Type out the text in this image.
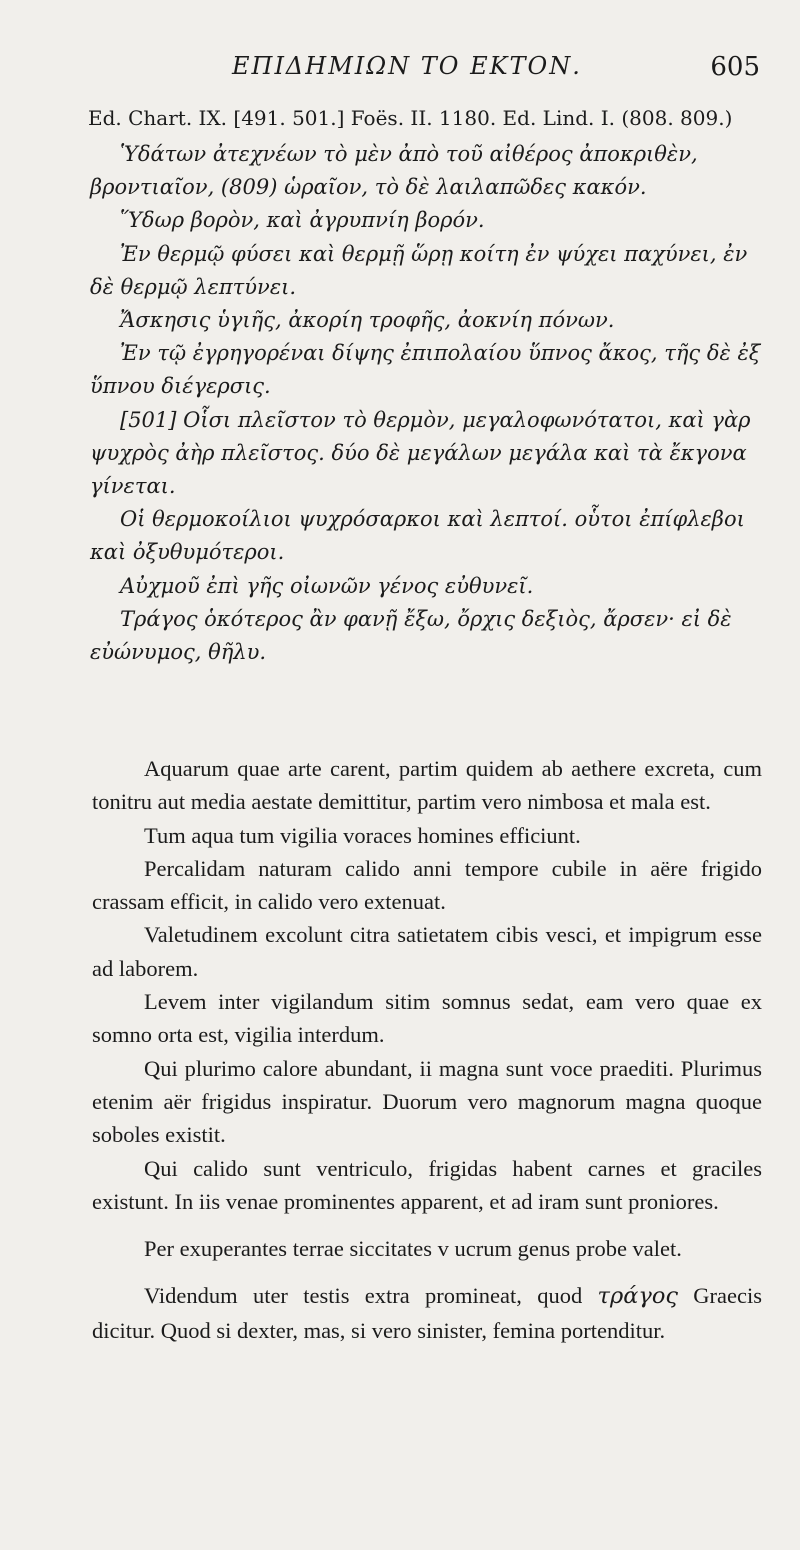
ΕΠΙΔΗΜΙΩΝ ΤΟ ΕΚΤΟΝ.	605
Ed. Chart. IX. [491. 501.] Foës. II. 1180. Ed. Lind. I. (808. 809.)

Ὑδάτων ἀτεχνέων τὸ μὲν ἀπὸ τοῦ αἰθέρος ἀποκριθὲν, βροντιαῖον, (809) ὡραῖον, τὸ δὲ λαιλαπῶδες κακόν.

Ὕδωρ βορὸν, καὶ ἀγρυπνίη βορόν.

Ἐν θερμῷ φύσει καὶ θερμῇ ὥρῃ κοίτη ἐν ψύχει παχύνει, ἐν δὲ θερμῷ λεπτύνει.

Ἄσκησις ὑγιῆς, ἀκορίη τροφῆς, ἀοκνίη πόνων.

Ἐν τῷ ἐγρηγορέναι δίψης ἐπιπολαίου ὕπνος ἄκος, τῆς δὲ ἐξ ὕπνου διέγερσις.

[501] Οἷσι πλεῖστον τὸ θερμὸν, μεγαλοφωνότατοι, καὶ γὰρ ψυχρὸς ἀὴρ πλεῖστος. δύο δὲ μεγάλων μεγάλα καὶ τὰ ἔκγονα γίνεται.

Οἱ θερμοκοίλιοι ψυχρόσαρκοι καὶ λεπτοί. οὗτοι ἐπίφλεβοι καὶ ὀξυθυμότεροι.

Αὐχμοῦ ἐπὶ γῆς οἰωνῶν γένος εὐθυνεῖ.

Τράγος ὁκότερος ἂν φανῇ ἔξω, ὄρχις δεξιὸς, ἄρσεν· εἰ δὲ εὐώνυμος, θῆλυ.

Aquarum quae arte carent, partim quidem ab aethere excreta, cum tonitru aut media aestate demittitur, partim vero nimbosa et mala est.

Tum aqua tum vigilia voraces homines efficiunt.

Percalidam naturam calido anni tempore cubile in aëre frigido crassam efficit, in calido vero extenuat.

Valetudinem excolunt citra satietatem cibis vesci, et impigrum esse ad laborem.

Levem inter vigilandum sitim somnus sedat, eam vero quae ex somno orta est, vigilia interdum.

Qui plurimo calore abundant, ii magna sunt voce praediti. Plurimus etenim aër frigidus inspiratur. Duorum vero magnorum magna quoque soboles existit.

Qui calido sunt ventriculo, frigidas habent carnes et graciles existunt. In iis venae prominentes apparent, et ad iram sunt proniores.

Per exuperantes terrae siccitates v ucrum genus probe valet.

Videndum uter testis extra promineat, quod τράγος Graecis dicitur. Quod si dexter, mas, si vero sinister, femina portenditur.
